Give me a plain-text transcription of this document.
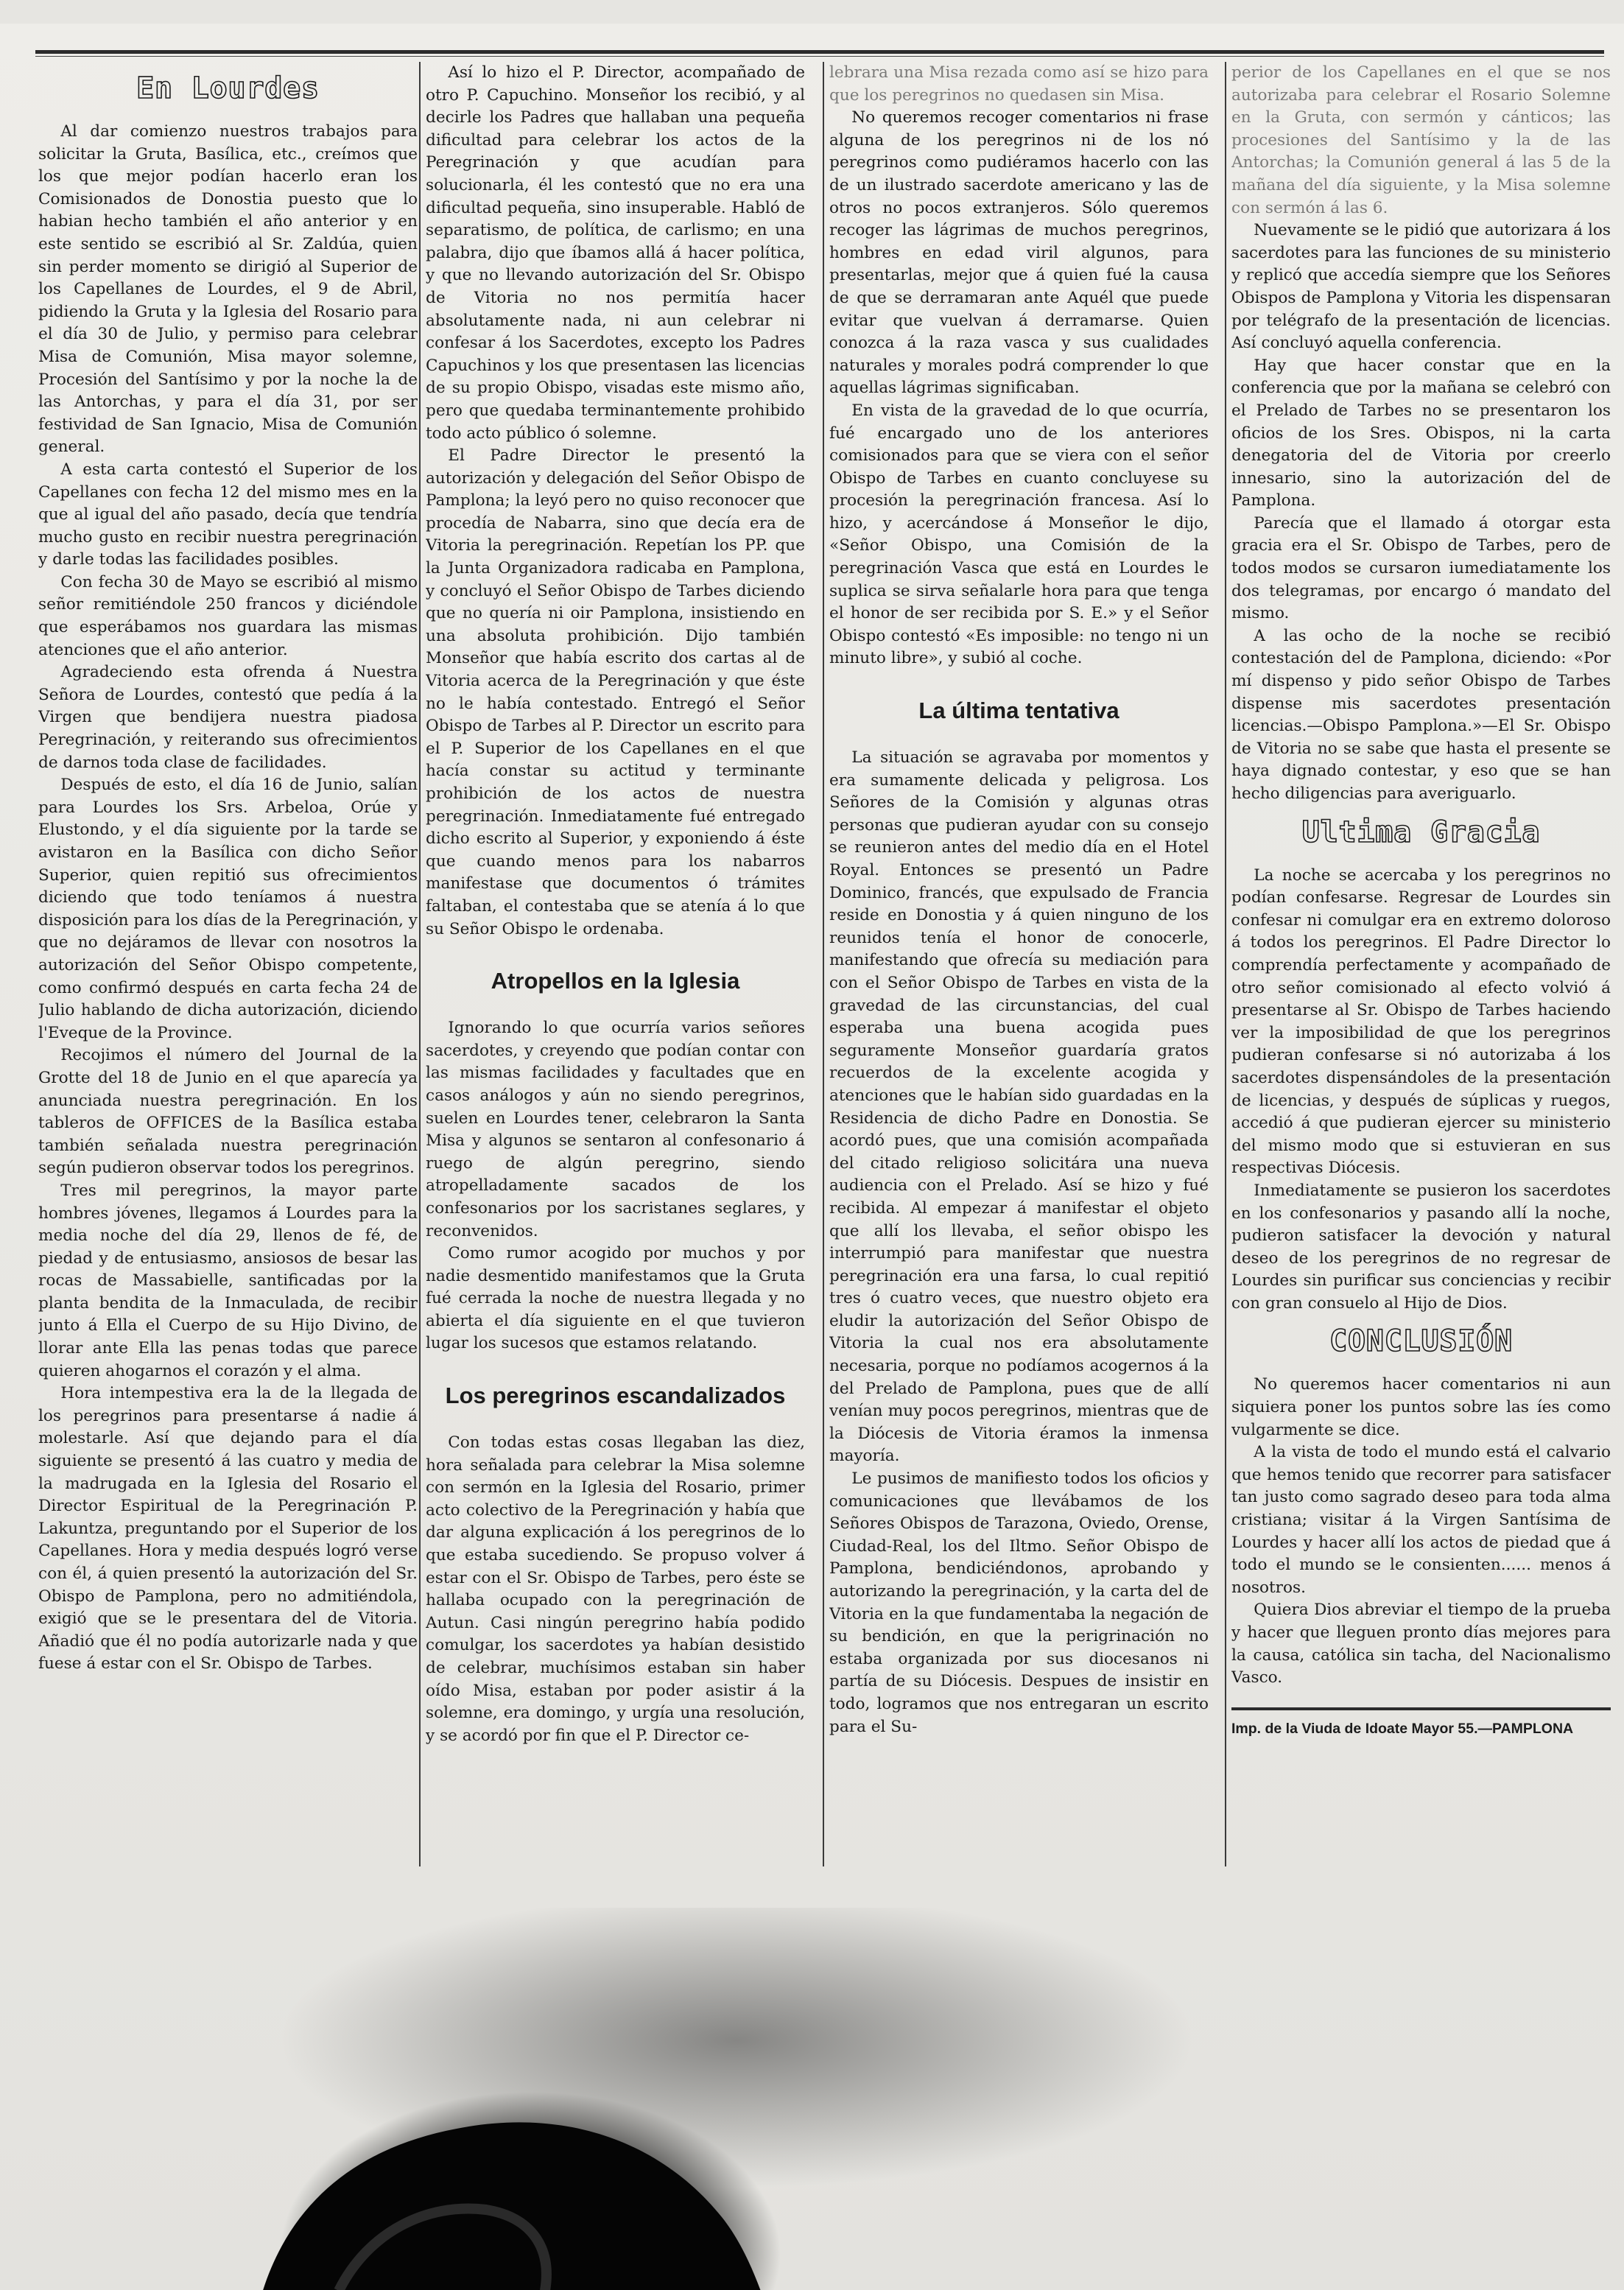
En Lourdes

Al dar comienzo nuestros trabajos para solicitar la Gruta, Basílica, etc., creímos que los que mejor podían hacerlo eran los Comisionados de Donostia puesto que lo habian hecho también el año anterior y en este sentido se escribió al Sr. Zaldúa, quien sin perder momento se dirigió al Superior de los Capellanes de Lourdes, el 9 de Abril, pidiendo la Gruta y la Iglesia del Rosario para el día 30 de Julio, y permiso para celebrar Misa de Comunión, Misa mayor solemne, Procesión del Santísimo y por la noche la de las Antorchas, y para el día 31, por ser festividad de San Ignacio, Misa de Comunión general.

A esta carta contestó el Superior de los Capellanes con fecha 12 del mismo mes en la que al igual del año pasado, decía que tendría mucho gusto en recibir nuestra peregrinación y darle todas las facilidades posibles.

Con fecha 30 de Mayo se escribió al mismo señor remitiéndole 250 francos y diciéndole que esperábamos nos guardara las mismas atenciones que el año anterior.

Agradeciendo esta ofrenda á Nuestra Señora de Lourdes, contestó que pedía á la Virgen que bendijera nuestra piadosa Peregrinación, y reiterando sus ofrecimientos de darnos toda clase de facilidades.

Después de esto, el día 16 de Junio, salían para Lourdes los Srs. Arbeloa, Orúe y Elustondo, y el día siguiente por la tarde se avistaron en la Basílica con dicho Señor Superior, quien repitió sus ofrecimientos diciendo que todo teníamos á nuestra disposición para los días de la Peregrinación, y que no dejáramos de llevar con nosotros la autorización del Señor Obispo competente, como confirmó después en carta fecha 24 de Julio hablando de dicha autorización, diciendo l'Eveque de la Province.

Recojimos el número del Journal de la Grotte del 18 de Junio en el que aparecía ya anunciada nuestra peregrinación. En los tableros de OFFICES de la Basílica estaba también señalada nuestra peregrinación según pudieron observar todos los peregrinos.

Tres mil peregrinos, la mayor parte hombres jóvenes, llegamos á Lourdes para la media noche del día 29, llenos de fé, de piedad y de entusiasmo, ansiosos de besar las rocas de Massabielle, santificadas por la planta bendita de la Inmaculada, de recibir junto á Ella el Cuerpo de su Hijo Divino, de llorar ante Ella las penas todas que parece quieren ahogarnos el corazón y el alma.

Hora intempestiva era la de la llegada de los peregrinos para presentarse á nadie á molestarle. Así que dejando para el día siguiente se presentó á las cuatro y media de la madrugada en la Iglesia del Rosario el Director Espiritual de la Peregrinación P. Lakuntza, preguntando por el Superior de los Capellanes. Hora y media después logró verse con él, á quien presentó la autorización del Sr. Obispo de Pamplona, pero no admitiéndola, exigió que se le presentara del de Vitoria. Añadió que él no podía autorizarle nada y que fuese á estar con el Sr. Obispo de Tarbes.

Así lo hizo el P. Director, acompañado de otro P. Capuchino. Monseñor los recibió, y al decirle los Padres que hallaban una pequeña dificultad para celebrar los actos de la Peregrinación y que acudían para solucionarla, él les contestó que no era una dificultad pequeña, sino insuperable. Habló de separatismo, de política, de carlismo; en una palabra, dijo que íbamos allá á hacer política, y que no llevando autorización del Sr. Obispo de Vitoria no nos permitía hacer absolutamente nada, ni aun celebrar ni confesar á los Sacerdotes, excepto los Padres Capuchinos y los que presentasen las licencias de su propio Obispo, visadas este mismo año, pero que quedaba terminantemente prohibido todo acto público ó solemne.

El Padre Director le presentó la autorización y delegación del Señor Obispo de Pamplona; la leyó pero no quiso reconocer que procedía de Nabarra, sino que decía era de Vitoria la peregrinación. Repetían los PP. que la Junta Organizadora radicaba en Pamplona, y concluyó el Señor Obispo de Tarbes diciendo que no quería ni oir Pamplona, insistiendo en una absoluta prohibición. Dijo también Monseñor que había escrito dos cartas al de Vitoria acerca de la Peregrinación y que éste no le había contestado. Entregó el Señor Obispo de Tarbes al P. Director un escrito para el P. Superior de los Capellanes en el que hacía constar su actitud y terminante prohibición de los actos de nuestra peregrinación. Inmediatamente fué entregado dicho escrito al Superior, y exponiendo á éste que cuando menos para los nabarros manifestase que documentos ó trámites faltaban, el contestaba que se atenía á lo que su Señor Obispo le ordenaba.

Atropellos en la Iglesia

Ignorando lo que ocurría varios señores sacerdotes, y creyendo que podían contar con las mismas facilidades y facultades que en casos análogos y aún no siendo peregrinos, suelen en Lourdes tener, celebraron la Santa Misa y algunos se sentaron al confesonario á ruego de algún peregrino, siendo atropelladamente sacados de los confesonarios por los sacristanes seglares, y reconvenidos.

Como rumor acogido por muchos y por nadie desmentido manifestamos que la Gruta fué cerrada la noche de nuestra llegada y no abierta el día siguiente en el que tuvieron lugar los sucesos que estamos relatando.

Los peregrinos escandalizados

Con todas estas cosas llegaban las diez, hora señalada para celebrar la Misa solemne con sermón en la Iglesia del Rosario, primer acto colectivo de la Peregrinación y había que dar alguna explicación á los peregrinos de lo que estaba sucediendo. Se propuso volver á estar con el Sr. Obispo de Tarbes, pero éste se hallaba ocupado con la peregrinación de Autun. Casi ningún peregrino había podido comulgar, los sacerdotes ya habían desistido de celebrar, muchísimos estaban sin haber oído Misa, estaban por poder asistir á la solemne, era domingo, y urgía una resolución, y se acordó por fin que el P. Director ce-

lebrara una Misa rezada como así se hizo para que los peregrinos no quedasen sin Misa.

No queremos recoger comentarios ni frase alguna de los peregrinos ni de los nó peregrinos como pudiéramos hacerlo con las de un ilustrado sacerdote americano y las de otros no pocos extranjeros. Sólo queremos recoger las lágrimas de muchos peregrinos, hombres en edad viril algunos, para presentarlas, mejor que á quien fué la causa de que se derramaran ante Aquél que puede evitar que vuelvan á derramarse. Quien conozca á la raza vasca y sus cualidades naturales y morales podrá comprender lo que aquellas lágrimas significaban.

En vista de la gravedad de lo que ocurría, fué encargado uno de los anteriores comisionados para que se viera con el señor Obispo de Tarbes en cuanto concluyese su procesión la peregrinación francesa. Así lo hizo, y acercándose á Monseñor le dijo, «Señor Obispo, una Comisión de la peregrinación Vasca que está en Lourdes le suplica se sirva señalarle hora para que tenga el honor de ser recibida por S. E.» y el Señor Obispo contestó «Es imposible: no tengo ni un minuto libre», y subió al coche.

La última tentativa

La situación se agravaba por momentos y era sumamente delicada y peligrosa. Los Señores de la Comisión y algunas otras personas que pudieran ayudar con su consejo se reunieron antes del medio día en el Hotel Royal. Entonces se presentó un Padre Dominico, francés, que expulsado de Francia reside en Donostia y á quien ninguno de los reunidos tenía el honor de conocerle, manifestando que ofrecía su mediación para con el Señor Obispo de Tarbes en vista de la gravedad de las circunstancias, del cual esperaba una buena acogida pues seguramente Monseñor guardaría gratos recuerdos de la excelente acogida y atenciones que le habían sido guardadas en la Residencia de dicho Padre en Donostia. Se acordó pues, que una comisión acompañada del citado religioso solicitára una nueva audiencia con el Prelado. Así se hizo y fué recibida. Al empezar á manifestar el objeto que allí los llevaba, el señor obispo les interrumpió para manifestar que nuestra peregrinación era una farsa, lo cual repitió tres ó cuatro veces, que nuestro objeto era eludir la autorización del Señor Obispo de Vitoria la cual nos era absolutamente necesaria, porque no podíamos acogernos á la del Prelado de Pamplona, pues que de allí venían muy pocos peregrinos, mientras que de la Diócesis de Vitoria éramos la inmensa mayoría.

Le pusimos de manifiesto todos los oficios y comunicaciones que llevábamos de los Señores Obispos de Tarazona, Oviedo, Orense, Ciudad-Real, los del Iltmo. Señor Obispo de Pamplona, bendiciéndonos, aprobando y autorizando la peregrinación, y la carta del de Vitoria en la que fundamentaba la negación de su bendición, en que la perigrinación no estaba organizada por sus diocesanos ni partía de su Diócesis. Despues de insistir en todo, logramos que nos entregaran un escrito para el Su-

perior de los Capellanes en el que se nos autorizaba para celebrar el Rosario Solemne en la Gruta, con sermón y cánticos; las procesiones del Santísimo y la de las Antorchas; la Comunión general á las 5 de la mañana del día siguiente, y la Misa solemne con sermón á las 6.

Nuevamente se le pidió que autorizara á los sacerdotes para las funciones de su ministerio y replicó que accedía siempre que los Señores Obispos de Pamplona y Vitoria les dispensaran por telégrafo de la presentación de licencias. Así concluyó aquella conferencia.

Hay que hacer constar que en la conferencia que por la mañana se celebró con el Prelado de Tarbes no se presentaron los oficios de los Sres. Obispos, ni la carta denegatoria del de Vitoria por creerlo innesario, sino la autorización del de Pamplona.

Parecía que el llamado á otorgar esta gracia era el Sr. Obispo de Tarbes, pero de todos modos se cursaron iumediatamente los dos telegramas, por encargo ó mandato del mismo.

A las ocho de la noche se recibió contestación del de Pamplona, diciendo: «Por mí dispenso y pido señor Obispo de Tarbes dispense mis sacerdotes presentación licencias.—Obispo Pamplona.»—El Sr. Obispo de Vitoria no se sabe que hasta el presente se haya dignado contestar, y eso que se han hecho diligencias para averiguarlo.

Ultima Gracia

La noche se acercaba y los peregrinos no podían confesarse. Regresar de Lourdes sin confesar ni comulgar era en extremo doloroso á todos los peregrinos. El Padre Director lo comprendía perfectamente y acompañado de otro señor comisionado al efecto volvió á presentarse al Sr. Obispo de Tarbes haciendo ver la imposibilidad de que los peregrinos pudieran confesarse si nó autorizaba á los sacerdotes dispensándoles de la presentación de licencias, y después de súplicas y ruegos, accedió á que pudieran ejercer su ministerio del mismo modo que si estuvieran en sus respectivas Diócesis.

Inmediatamente se pusieron los sacerdotes en los confesonarios y pasando allí la noche, pudieron satisfacer la devoción y natural deseo de los peregrinos de no regresar de Lourdes sin purificar sus conciencias y recibir con gran consuelo al Hijo de Dios.

CONCLUSIÓN

No queremos hacer comentarios ni aun siquiera poner los puntos sobre las íes como vulgarmente se dice.

A la vista de todo el mundo está el calvario que hemos tenido que recorrer para satisfacer tan justo como sagrado deseo para toda alma cristiana; visitar á la Virgen Santísima de Lourdes y hacer allí los actos de piedad que á todo el mundo se le consienten...... menos á nosotros.

Quiera Dios abreviar el tiempo de la prueba y hacer que lleguen pronto días mejores para la causa, católica sin tacha, del Nacionalismo Vasco.

Imp. de la Viuda de Idoate Mayor 55.—PAMPLONA
